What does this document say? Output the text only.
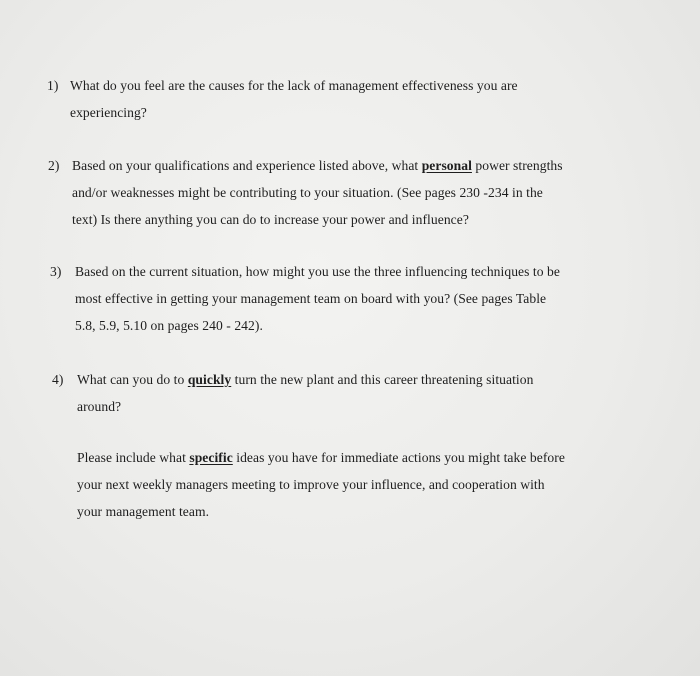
1) What do you feel are the causes for the lack of management effectiveness you are
experiencing?
2) Based on your qualifications and experience listed above, what personal power strengths
and/or weaknesses might be contributing to your situation. (See pages 230 -234 in the
text) Is there anything you can do to increase your power and influence?
3) Based on the current situation, how might you use the three influencing techniques to be
most effective in getting your management team on board with you? (See pages Table
5.8, 5.9, 5.10 on pages 240 - 242).
4) What can you do to quickly turn the new plant and this career threatening situation
around?
Please include what specific ideas you have for immediate actions you might take before
your next weekly managers meeting to improve your influence, and cooperation with
your management team.
